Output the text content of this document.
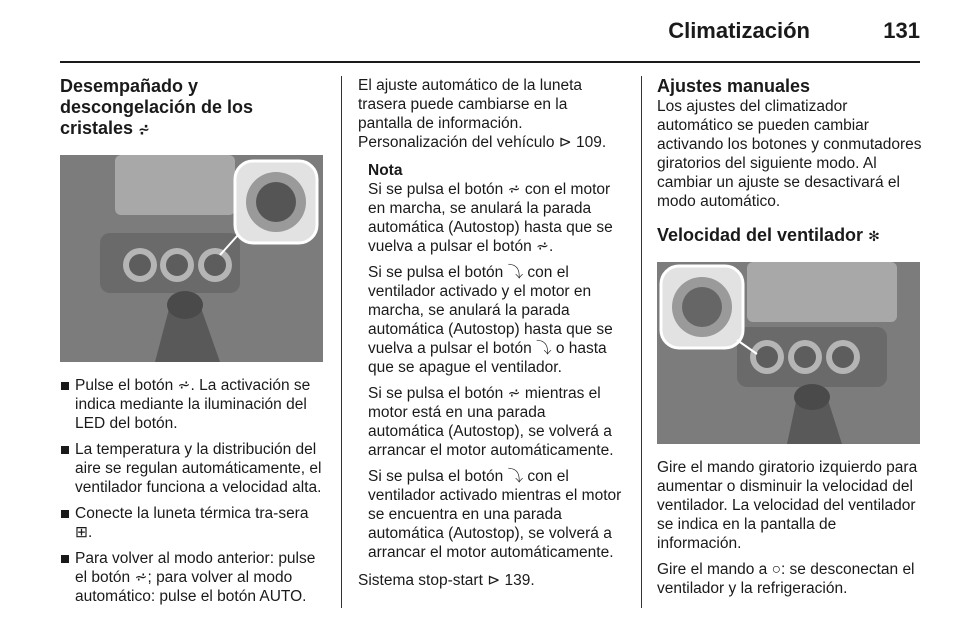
Climatización	131
Desempañado y descongelación de los cristales ⩫
Pulse el botón ⩫. La activación se indica mediante la iluminación del LED del botón.
La temperatura y la distribución del aire se regulan automáticamente, el ventilador funciona a velocidad alta.
Conecte la luneta térmica tra-sera ⊞.
Para volver al modo anterior: pulse el botón ⩫; para volver al modo automático: pulse el botón AUTO.

El ajuste automático de la luneta trasera puede cambiarse en la pantalla de información. Personalización del vehículo ⊳ 109.

Nota

Si se pulsa el botón ⩫ con el motor en marcha, se anulará la parada automática (Autostop) hasta que se vuelva a pulsar el botón ⩫.

Si se pulsa el botón ⤵ con el ventilador activado y el motor en marcha, se anulará la parada automática (Autostop) hasta que se vuelva a pulsar el botón ⤵ o hasta que se apague el ventilador.

Si se pulsa el botón ⩫ mientras el motor está en una parada automática (Autostop), se volverá a arrancar el motor automáticamente.

Si se pulsa el botón ⤵ con el ventilador activado mientras el motor se encuentra en una parada automática (Autostop), se volverá a arrancar el motor automáticamente.

Sistema stop-start ⊳ 139.

Ajustes manuales

Los ajustes del climatizador automático se pueden cambiar activando los botones y conmutadores giratorios del siguiente modo. Al cambiar un ajuste se desactivará el modo automático.

Velocidad del ventilador ✻

Gire el mando giratorio izquierdo para aumentar o disminuir la velocidad del ventilador. La velocidad del ventilador se indica en la pantalla de información.

Gire el mando a ○: se desconectan el ventilador y la refrigeración.
